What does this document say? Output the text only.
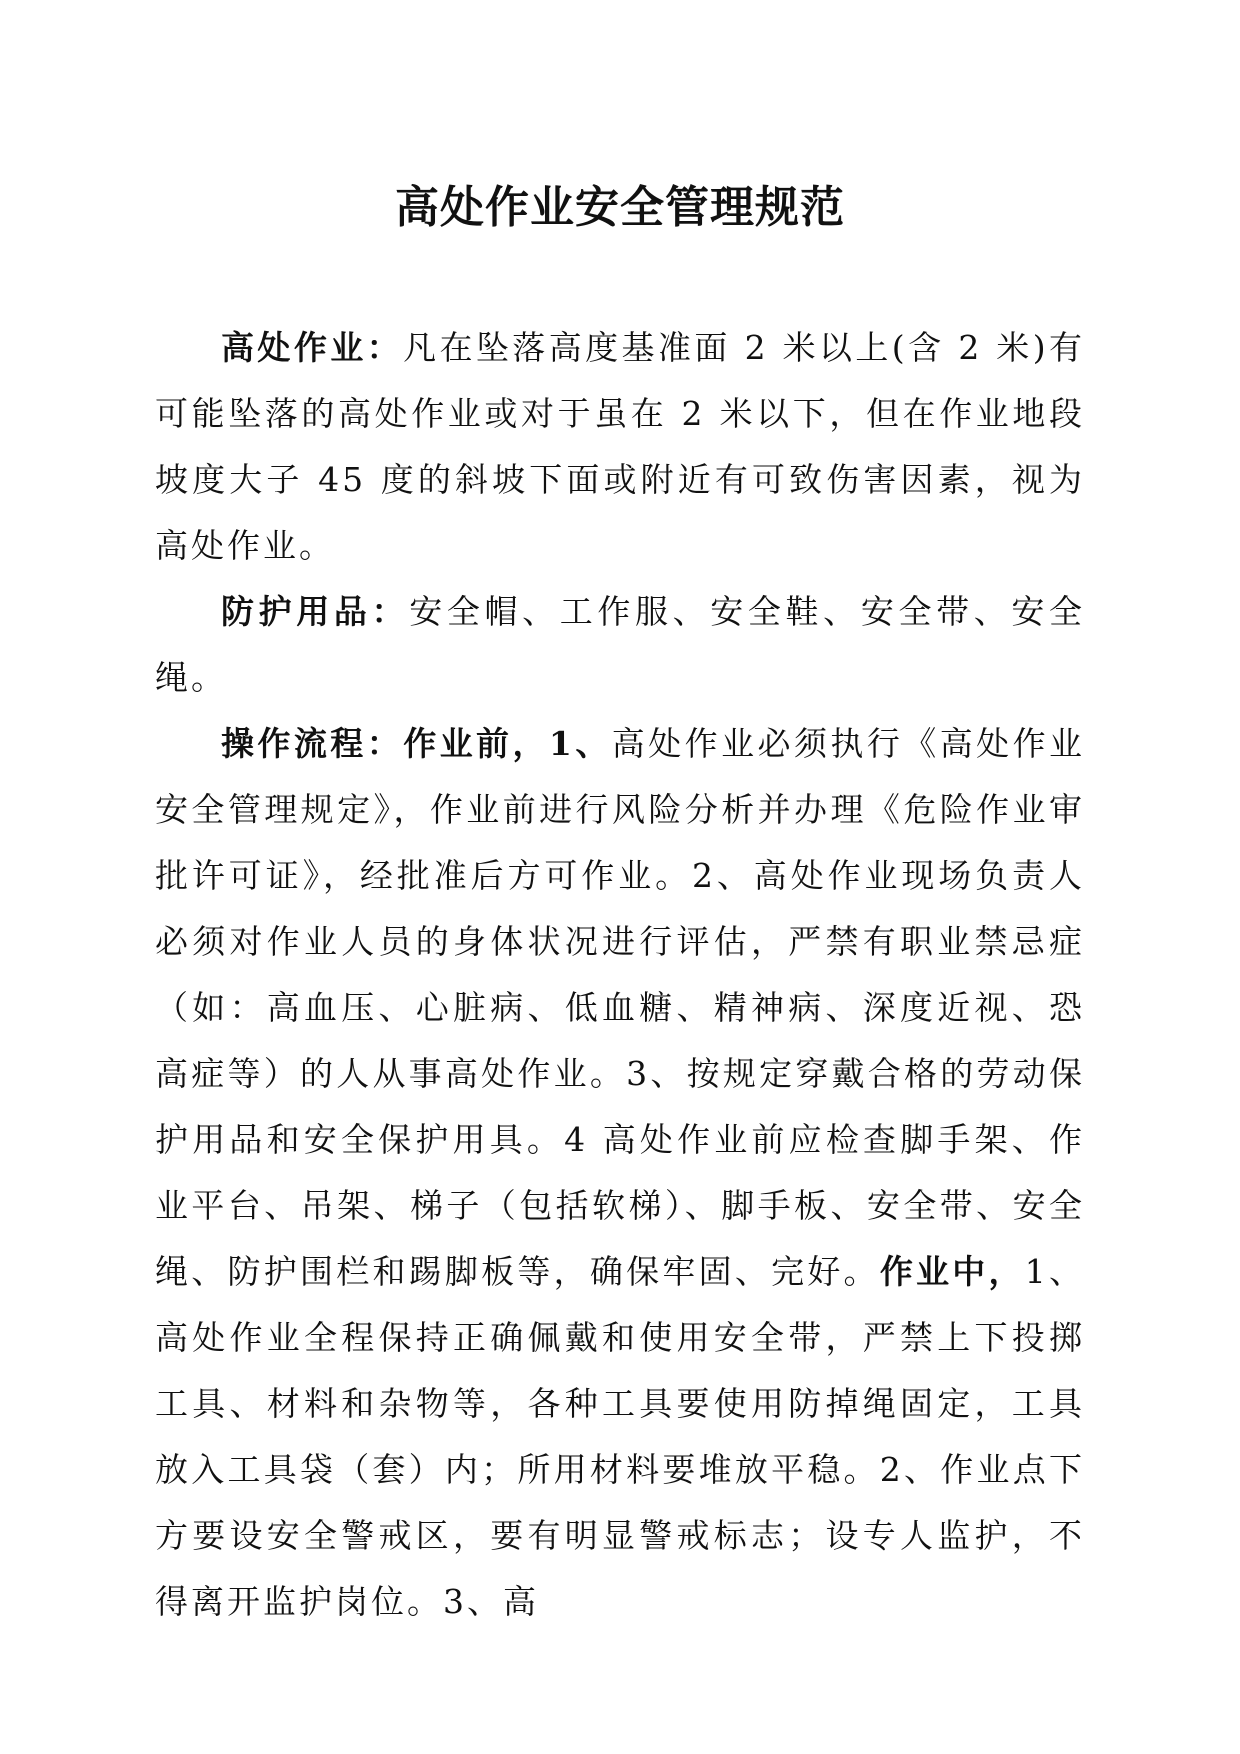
高处作业安全管理规范

高处作业：凡在坠落高度基准面 2 米以上(含 2 米)有可能坠落的高处作业或对于虽在 2 米以下，但在作业地段坡度大子 45 度的斜坡下面或附近有可致伤害因素，视为高处作业。

防护用品：安全帽、工作服、安全鞋、安全带、安全绳。

操作流程：作业前，1、高处作业必须执行《高处作业安全管理规定》，作业前进行风险分析并办理《危险作业审批许可证》，经批准后方可作业。2、高处作业现场负责人必须对作业人员的身体状况进行评估，严禁有职业禁忌症（如：高血压、心脏病、低血糖、精神病、深度近视、恐高症等）的人从事高处作业。3、按规定穿戴合格的劳动保护用品和安全保护用具。4 高处作业前应检查脚手架、作业平台、吊架、梯子（包括软梯）、脚手板、安全带、安全绳、防护围栏和踢脚板等，确保牢固、完好。作业中，1、高处作业全程保持正确佩戴和使用安全带，严禁上下投掷工具、材料和杂物等，各种工具要使用防掉绳固定，工具放入工具袋（套）内；所用材料要堆放平稳。2、作业点下方要设安全警戒区，要有明显警戒标志；设专人监护，不得离开监护岗位。3、高
